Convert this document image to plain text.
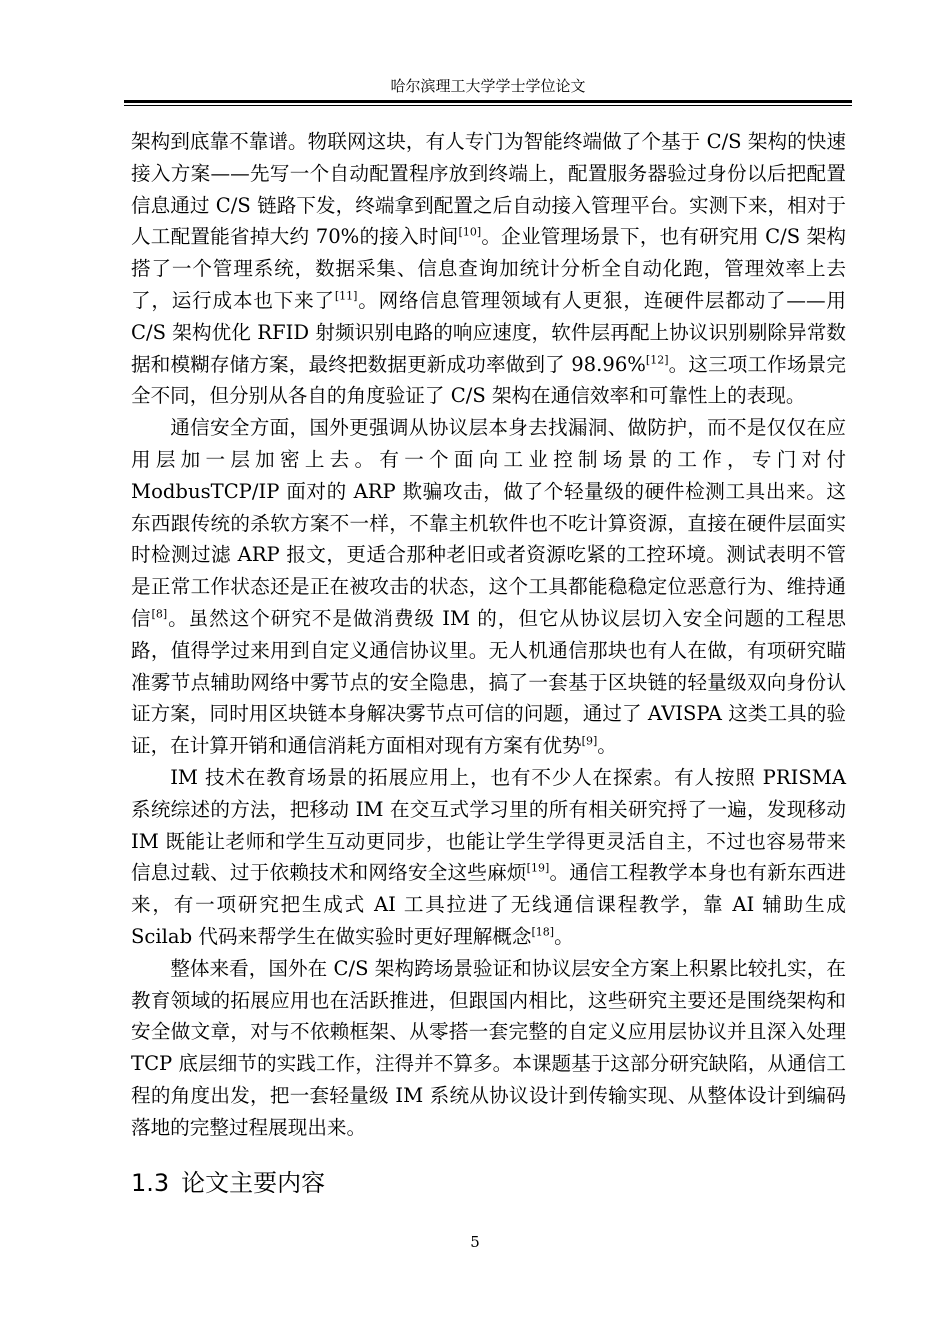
哈尔滨理工大学学士学位论文

架构到底靠不靠谱。物联网这块，有人专门为智能终端做了个基于 C/S 架构的快速接入方案——先写一个自动配置程序放到终端上，配置服务器验过身份以后把配置信息通过 C/S 链路下发，终端拿到配置之后自动接入管理平台。实测下来，相对于人工配置能省掉大约 70%的接入时间[10]。企业管理场景下，也有研究用 C/S 架构搭了一个管理系统，数据采集、信息查询加统计分析全自动化跑，管理效率上去了，运行成本也下来了[11]。网络信息管理领域有人更狠，连硬件层都动了——用 C/S 架构优化 RFID 射频识别电路的响应速度，软件层再配上协议识别剔除异常数据和模糊存储方案，最终把数据更新成功率做到了 98.96%[12]。这三项工作场景完全不同，但分别从各自的角度验证了 C/S 架构在通信效率和可靠性上的表现。

通信安全方面，国外更强调从协议层本身去找漏洞、做防护，而不是仅仅在应用层加一层加密上去。有一个面向工业控制场景的工作，专门对付 ModbusTCP/IP 面对的 ARP 欺骗攻击，做了个轻量级的硬件检测工具出来。这东西跟传统的杀软方案不一样，不靠主机软件也不吃计算资源，直接在硬件层面实时检测过滤 ARP 报文，更适合那种老旧或者资源吃紧的工控环境。测试表明不管是正常工作状态还是正在被攻击的状态，这个工具都能稳稳定位恶意行为、维持通信[8]。虽然这个研究不是做消费级 IM 的，但它从协议层切入安全问题的工程思路，值得学过来用到自定义通信协议里。无人机通信那块也有人在做，有项研究瞄准雾节点辅助网络中雾节点的安全隐患，搞了一套基于区块链的轻量级双向身份认证方案，同时用区块链本身解决雾节点可信的问题，通过了 AVISPA 这类工具的验证，在计算开销和通信消耗方面相对现有方案有优势[9]。

IM 技术在教育场景的拓展应用上，也有不少人在探索。有人按照 PRISMA 系统综述的方法，把移动 IM 在交互式学习里的所有相关研究捋了一遍，发现移动 IM 既能让老师和学生互动更同步，也能让学生学得更灵活自主，不过也容易带来信息过载、过于依赖技术和网络安全这些麻烦[19]。通信工程教学本身也有新东西进来，有一项研究把生成式 AI 工具拉进了无线通信课程教学，靠 AI 辅助生成 Scilab 代码来帮学生在做实验时更好理解概念[18]。

整体来看，国外在 C/S 架构跨场景验证和协议层安全方案上积累比较扎实，在教育领域的拓展应用也在活跃推进，但跟国内相比，这些研究主要还是围绕架构和安全做文章，对与不依赖框架、从零搭一套完整的自定义应用层协议并且深入处理 TCP 底层细节的实践工作，注得并不算多。本课题基于这部分研究缺陷，从通信工程的角度出发，把一套轻量级 IM 系统从协议设计到传输实现、从整体设计到编码落地的完整过程展现出来。

1.3 论文主要内容
5
